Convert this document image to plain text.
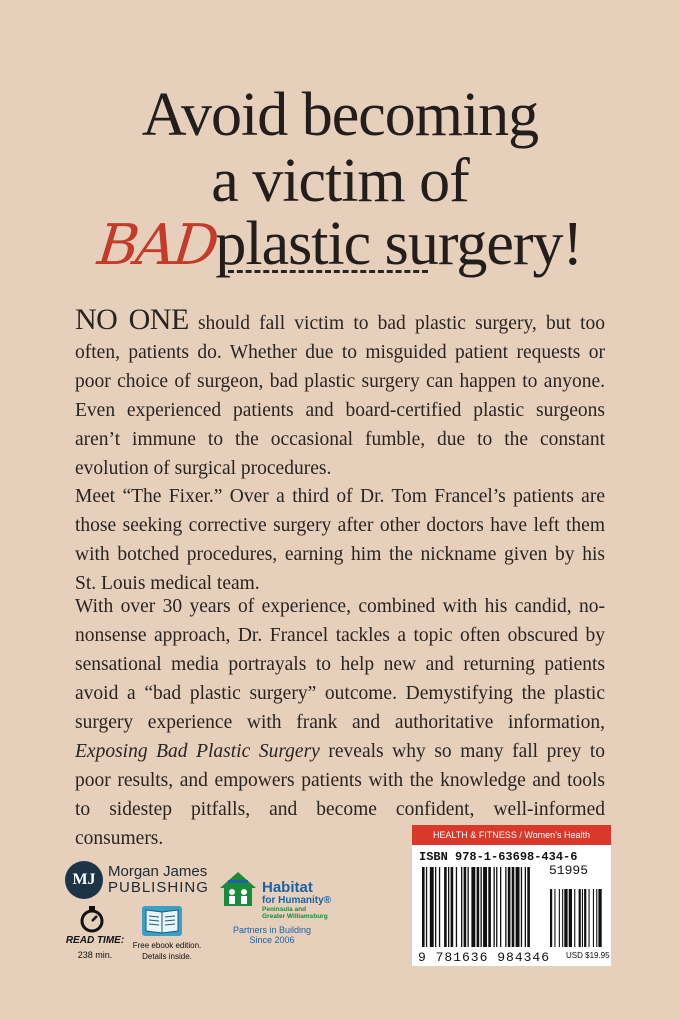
Avoid becoming
a victim of
BADplastic surgery!
NO ONE should fall victim to bad plastic surgery, but too often, patients do. Whether due to misguided patient requests or poor choice of surgeon, bad plastic surgery can happen to anyone. Even experienced patients and board-certified plastic surgeons aren’t immune to the occasional fumble, due to the constant evolution of surgical procedures.
Meet “The Fixer.” Over a third of Dr. Tom Francel’s patients are those seeking corrective surgery after other doctors have left them with botched procedures, earning him the nickname given by his St. Louis medical team.
With over 30 years of experience, combined with his candid, no-nonsense approach, Dr. Francel tackles a topic often obscured by sensational media portrayals to help new and returning patients avoid a “bad plastic surgery” outcome. Demystifying the plastic surgery experience with frank and authoritative information, Exposing Bad Plastic Surgery reveals why so many fall prey to poor results, and empowers patients with the knowledge and tools to sidestep pitfalls, and become confident, well-informed consumers.
MJ Morgan James
PUBLISHING
READ TIME:
238 min.
Free ebook edition.
Details inside.
Habitat
for Humanity®
Peninsula and
Greater Williamsburg
Partners in Building
Since 2006
HEALTH & FITNESS / Women’s Health
ISBN 978-1-63698-434-6
51995
9 781636 984346 USD $19.95
